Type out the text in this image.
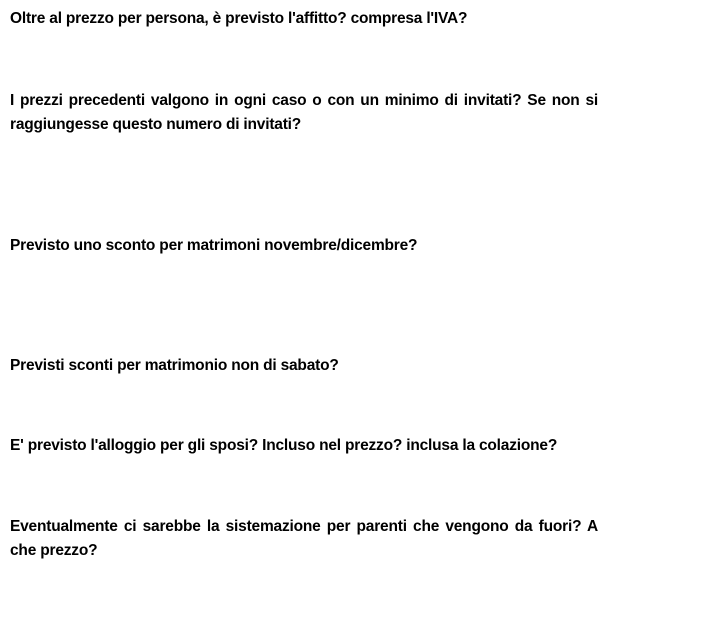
Oltre al prezzo per persona, è previsto l'affitto? compresa l'IVA?

I prezzi precedenti valgono in ogni caso o con un minimo di invitati? Se non si raggiungesse questo numero di invitati?

Previsto uno sconto per matrimoni novembre/dicembre?

Previsti sconti per matrimonio non di sabato?

E' previsto l'alloggio per gli sposi? Incluso nel prezzo? inclusa la colazione?

Eventualmente ci sarebbe la sistemazione per parenti che vengono da fuori? A che prezzo?
